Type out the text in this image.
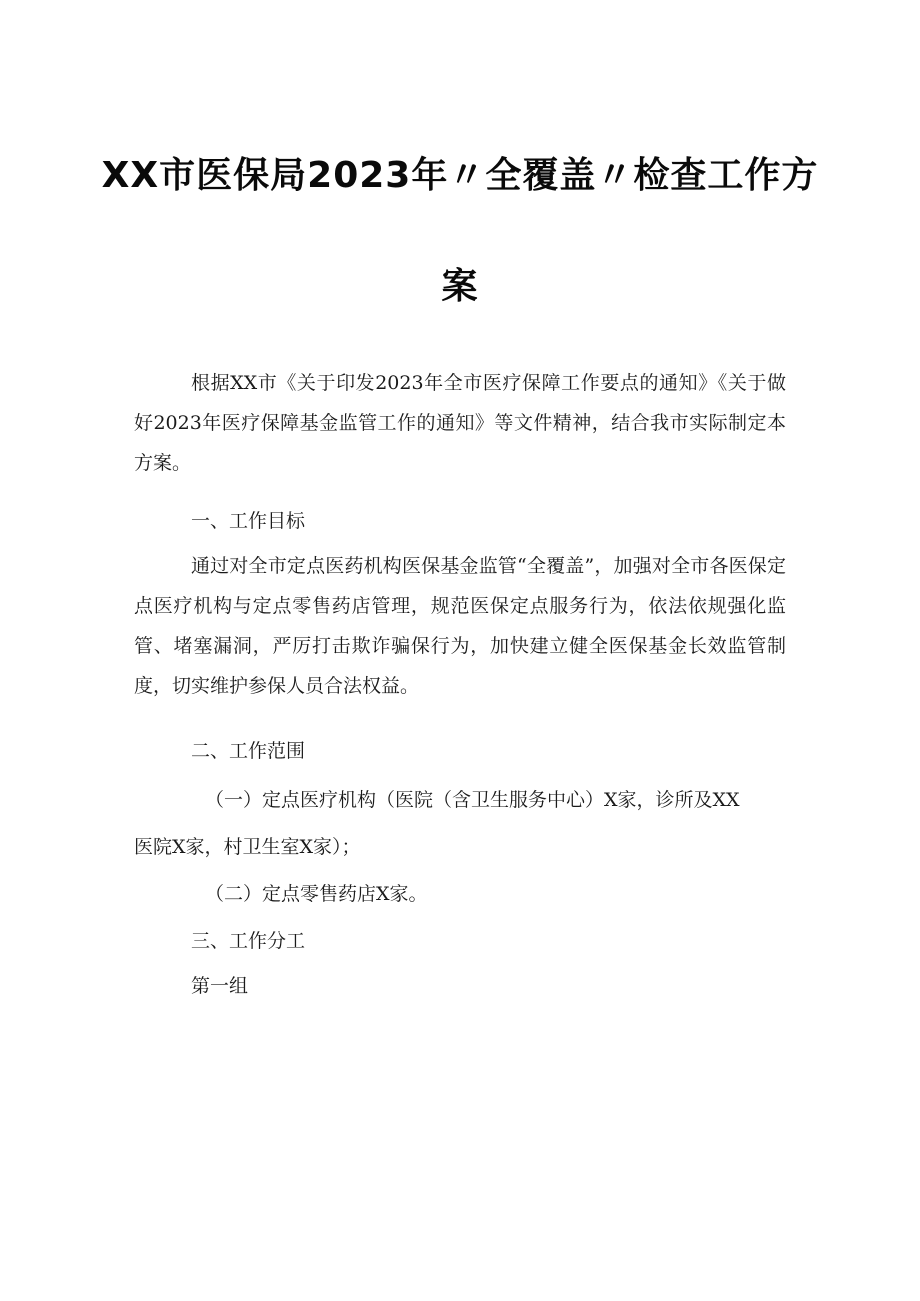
XX市医保局2023年〃全覆盖〃检查工作方
案
根据XX市《关于印发2023年全市医疗保障工作要点的通知》《关于做好2023年医疗保障基金监管工作的通知》等文件精神，结合我市实际制定本方案。
一、工作目标
通过对全市定点医药机构医保基金监管“全覆盖”，加强对全市各医保定点医疗机构与定点零售药店管理，规范医保定点服务行为，依法依规强化监管、堵塞漏洞，严厉打击欺诈骗保行为，加快建立健全医保基金长效监管制度，切实维护参保人员合法权益。
二、工作范围
（一）定点医疗机构（医院（含卫生服务中心）X家，诊所及XX
医院X家，村卫生室X家）；
（二）定点零售药店X家。
三、工作分工
第一组
